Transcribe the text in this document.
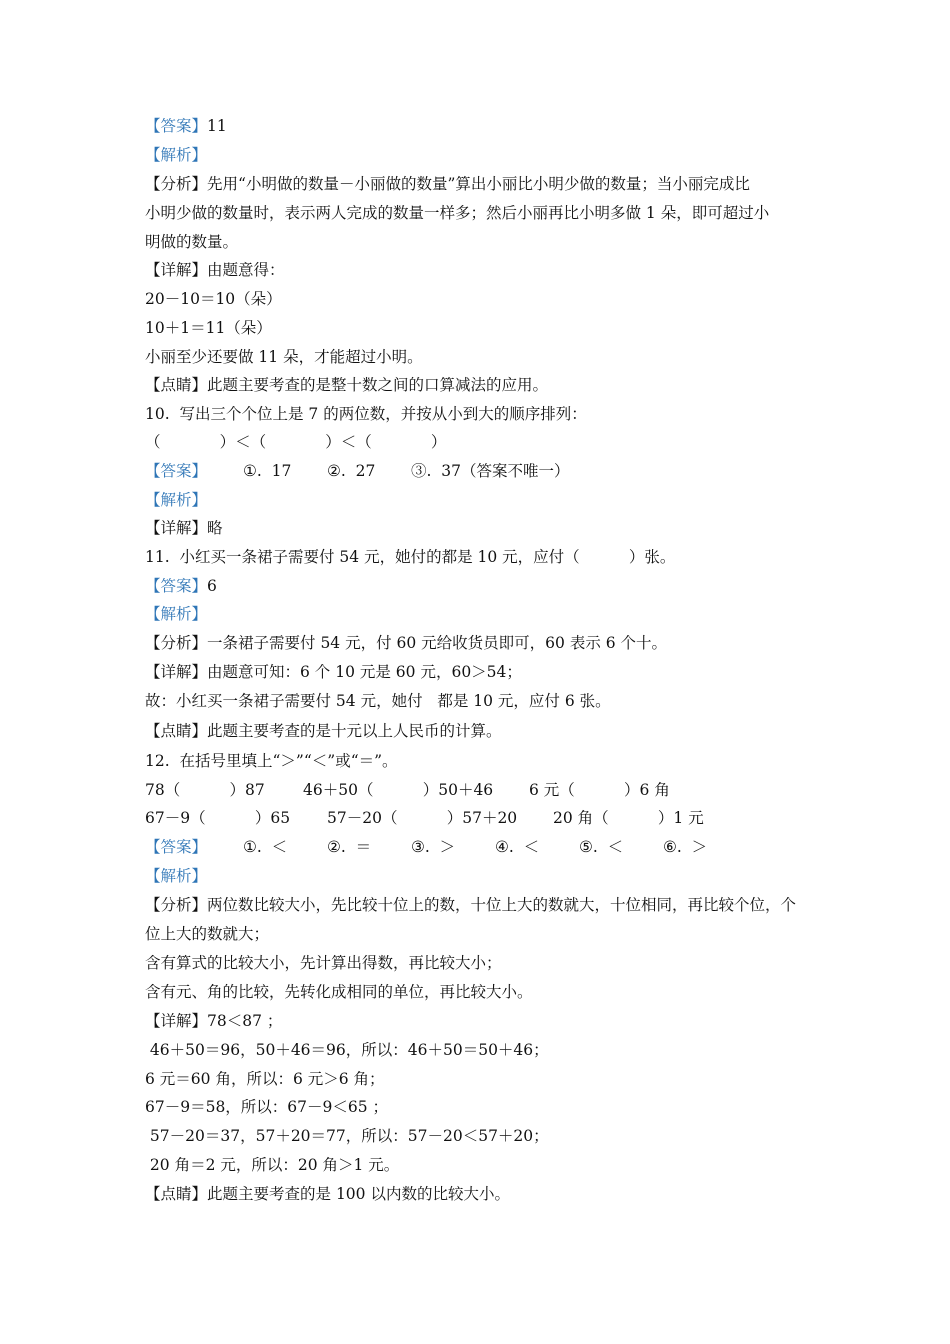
【答案】11
【解析】
【分析】先用“小明做的数量－小丽做的数量”算出小丽比小明少做的数量；当小丽完成比
小明少做的数量时，表示两人完成的数量一样多；然后小丽再比小明多做 1 朵，即可超过小
明做的数量。
【详解】由题意得：
20－10＝10（朵）
10＋1＝11（朵）
小丽至少还要做 11 朵，才能超过小明。
【点睛】此题主要考查的是整十数之间的口算减法的应用。
10.  写出三个个位上是 7 的两位数，并按从小到大的顺序排列：
（            ）＜（            ）＜（            ）
【答案】 ①.  17 ②.  27 ③.  37（答案不唯一）
【解析】
【详解】略
11.  小红买一条裙子需要付 54 元，她付的都是 10 元，应付（          ）张。
【答案】6
【解析】
【分析】一条裙子需要付 54 元，付 60 元给收货员即可，60 表示 6 个十。
【详解】由题意可知：6 个 10 元是 60 元，60＞54；
故：小红买一条裙子需要付 54 元，她付   都是 10 元，应付 6 张。
【点睛】此题主要考查的是十元以上人民币的计算。
12.  在括号里填上“＞”“＜”或“＝”。
78（          ）87 46＋50（          ）50＋46 6 元（          ）6 角
67－9（          ）65 57－20（          ）57＋20 20 角（          ）1 元
【答案】 ①.  ＜	②.  ＝	③.  ＞	④.  ＜	⑤.  ＜	⑥.  ＞
【解析】
【分析】两位数比较大小，先比较十位上的数，十位上大的数就大，十位相同，再比较个位，个
位上大的数就大；
含有算式的比较大小，先计算出得数，再比较大小；
含有元、角的比较，先转化成相同的单位，再比较大小。
【详解】78＜87 ；
46＋50＝96，50＋46＝96，所以：46＋50＝50＋46；
6 元＝60 角，所以：6 元＞6 角；
67－9＝58，所以：67－9＜65 ；
57－20＝37，57＋20＝77，所以：57－20＜57＋20；
20 角＝2 元，所以：20 角＞1 元。
【点睛】此题主要考查的是 100 以内数的比较大小。
